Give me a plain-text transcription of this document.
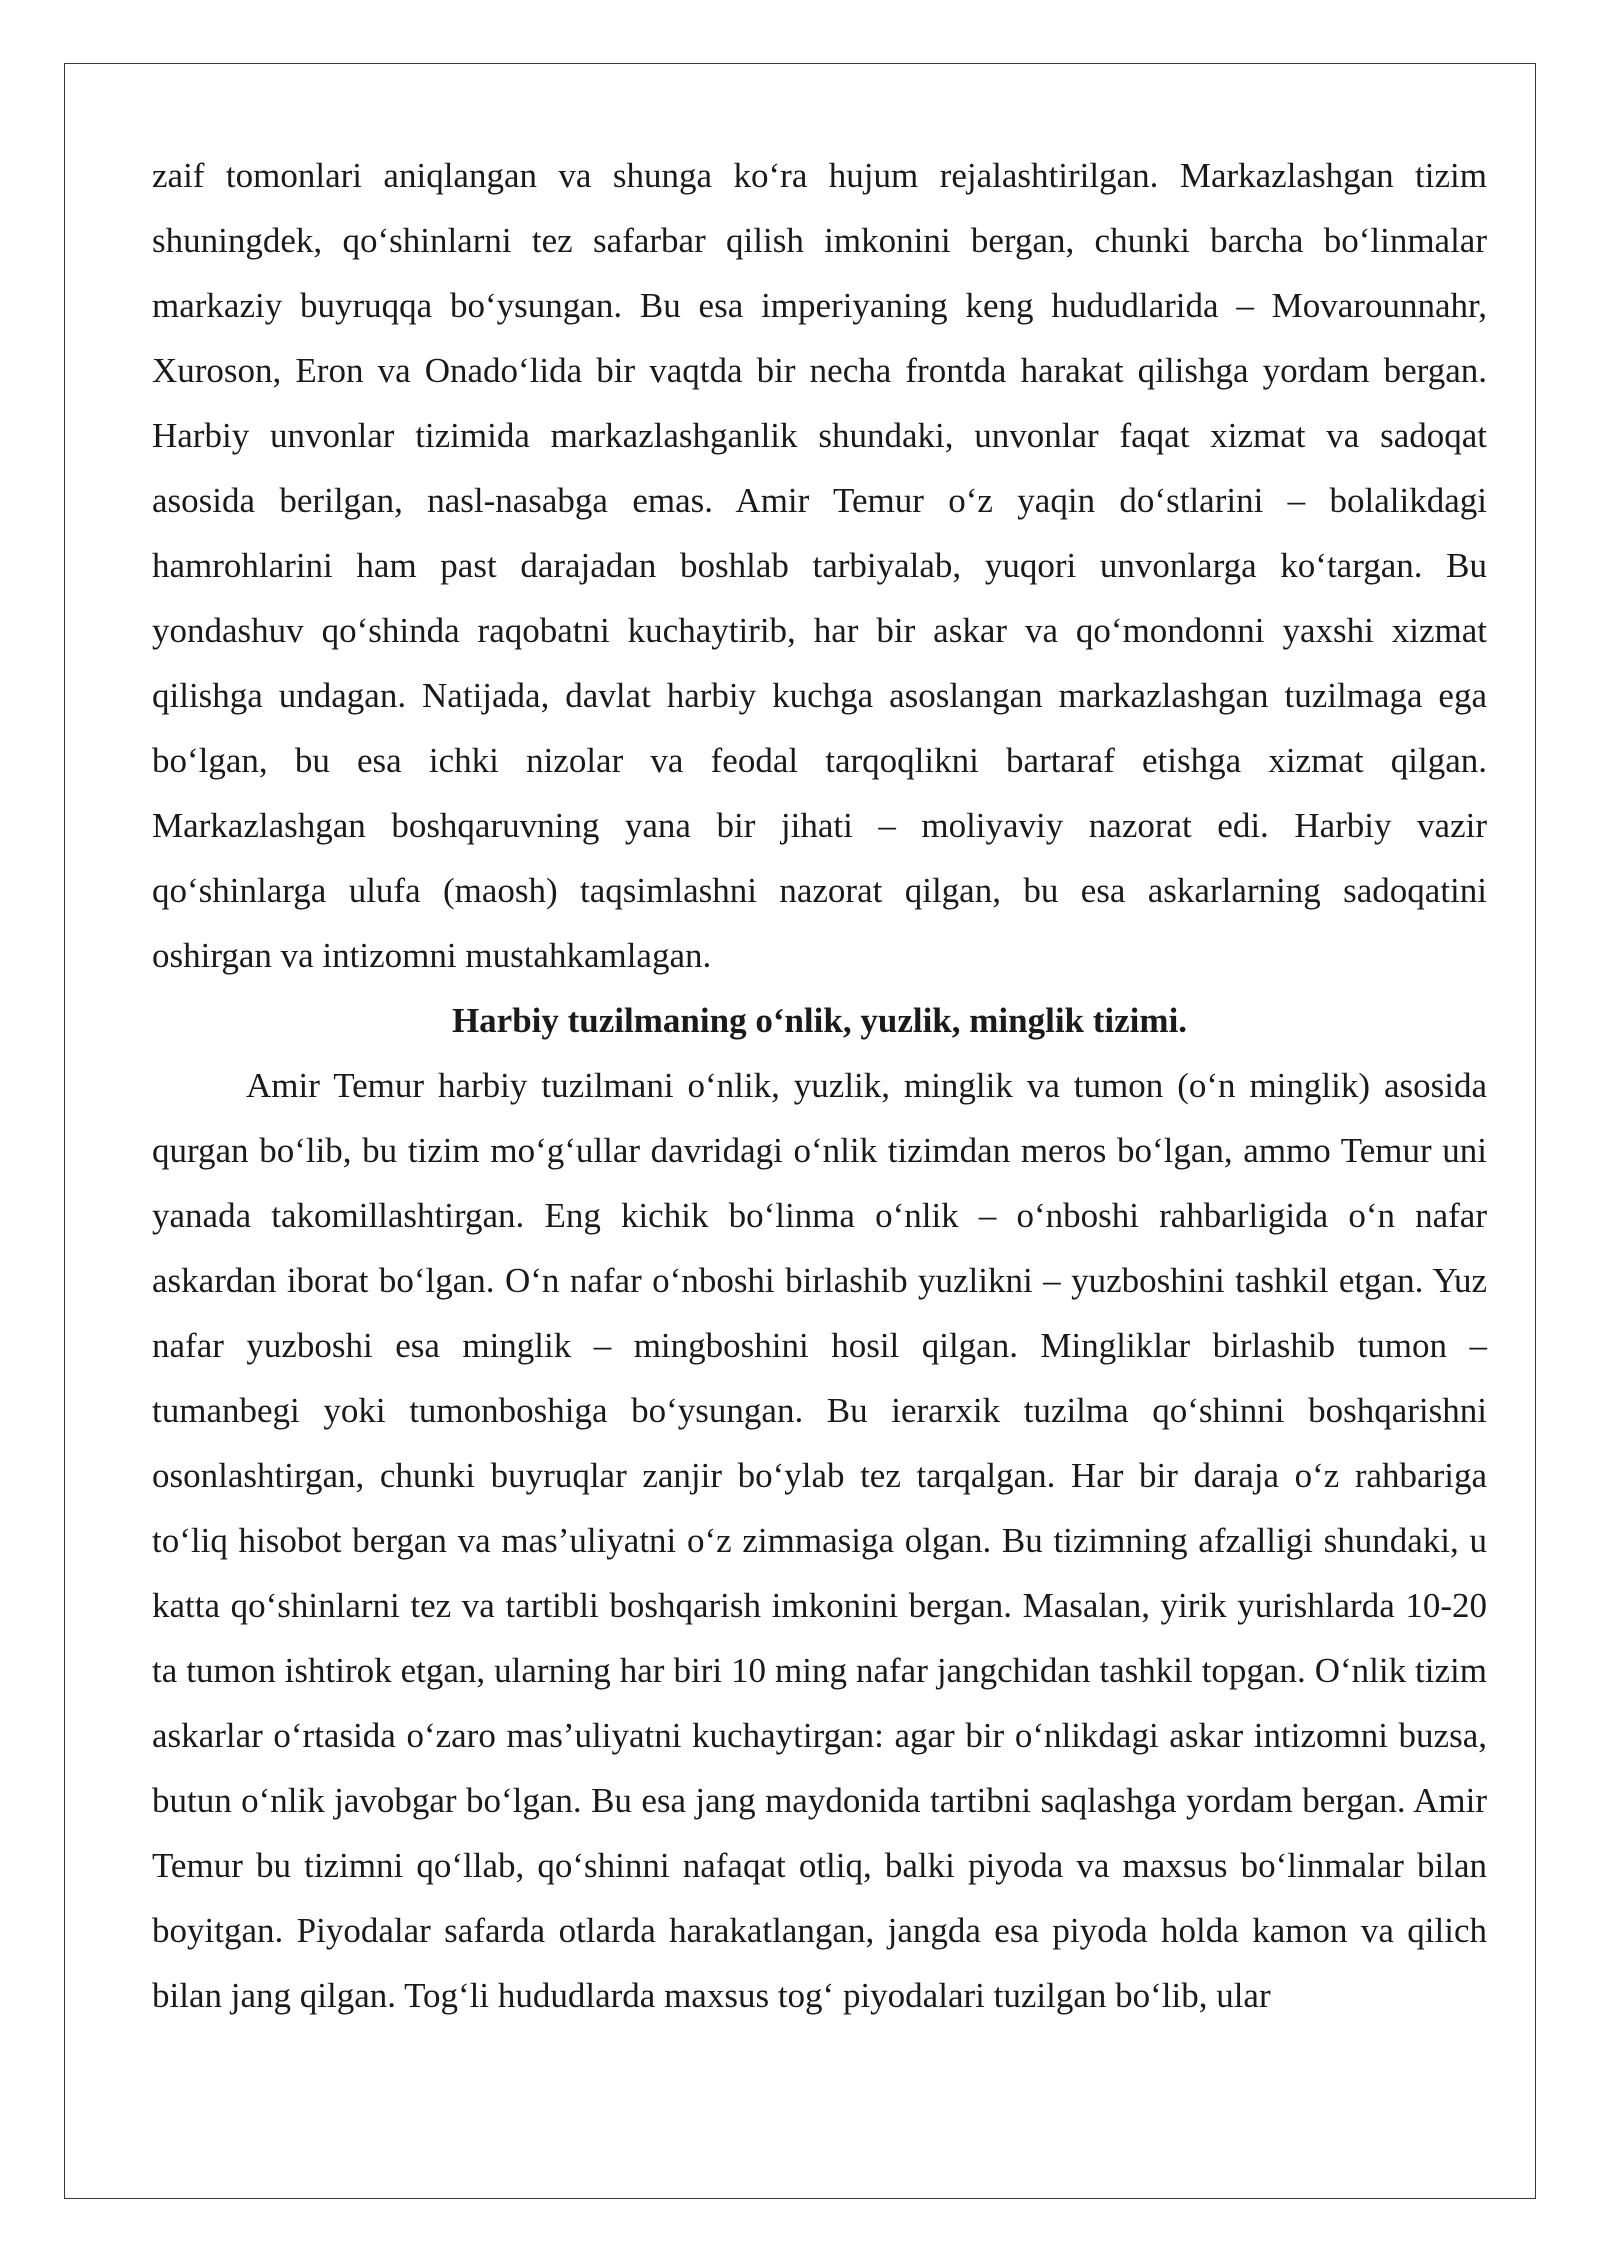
zaif tomonlari aniqlangan va shunga ko‘ra hujum rejalashtirilgan. Markazlashgan tizim shuningdek, qo‘shinlarni tez safarbar qilish imkonini bergan, chunki barcha bo‘linmalar markaziy buyruqqa bo‘ysungan. Bu esa imperiyaning keng hududlarida – Movarounnahr, Xuroson, Eron va Onado‘lida bir vaqtda bir necha frontda harakat qilishga yordam bergan. Harbiy unvonlar tizimida markazlashganlik shundaki, unvonlar faqat xizmat va sadoqat asosida berilgan, nasl-nasabga emas. Amir Temur o‘z yaqin do‘stlarini – bolalikdagi hamrohlarini ham past darajadan boshlab tarbiyalab, yuqori unvonlarga ko‘targan. Bu yondashuv qo‘shinda raqobatni kuchaytirib, har bir askar va qo‘mondonni yaxshi xizmat qilishga undagan. Natijada, davlat harbiy kuchga asoslangan markazlashgan tuzilmaga ega bo‘lgan, bu esa ichki nizolar va feodal tarqoqlikni bartaraf etishga xizmat qilgan. Markazlashgan boshqaruvning yana bir jihati – moliyaviy nazorat edi. Harbiy vazir qo‘shinlarga ulufa (maosh) taqsimlashni nazorat qilgan, bu esa askarlarning sadoqatini oshirgan va intizomni mustahkamlagan.

Harbiy tuzilmaning o‘nlik, yuzlik, minglik tizimi.

Amir Temur harbiy tuzilmani o‘nlik, yuzlik, minglik va tumon (o‘n minglik) asosida qurgan bo‘lib, bu tizim mo‘g‘ullar davridagi o‘nlik tizimdan meros bo‘lgan, ammo Temur uni yanada takomillashtirgan. Eng kichik bo‘linma o‘nlik – o‘nboshi rahbarligida o‘n nafar askardan iborat bo‘lgan. O‘n nafar o‘nboshi birlashib yuzlikni – yuzboshini tashkil etgan. Yuz nafar yuzboshi esa minglik – mingboshini hosil qilgan. Mingliklar birlashib tumon – tumanbegi yoki tumonboshiga bo‘ysungan. Bu ierarxik tuzilma qo‘shinni boshqarishni osonlashtirgan, chunki buyruqlar zanjir bo‘ylab tez tarqalgan. Har bir daraja o‘z rahbariga to‘liq hisobot bergan va mas’uliyatni o‘z zimmasiga olgan. Bu tizimning afzalligi shundaki, u katta qo‘shinlarni tez va tartibli boshqarish imkonini bergan. Masalan, yirik yurishlarda 10-20 ta tumon ishtirok etgan, ularning har biri 10 ming nafar jangchidan tashkil topgan. O‘nlik tizim askarlar o‘rtasida o‘zaro mas’uliyatni kuchaytirgan: agar bir o‘nlikdagi askar intizomni buzsa, butun o‘nlik javobgar bo‘lgan. Bu esa jang maydonida tartibni saqlashga yordam bergan. Amir Temur bu tizimni qo‘llab, qo‘shinni nafaqat otliq, balki piyoda va maxsus bo‘linmalar bilan boyitgan. Piyodalar safarda otlarda harakatlangan, jangda esa piyoda holda kamon va qilich bilan jang qilgan. Tog‘li hududlarda maxsus tog‘ piyodalari tuzilgan bo‘lib, ular
